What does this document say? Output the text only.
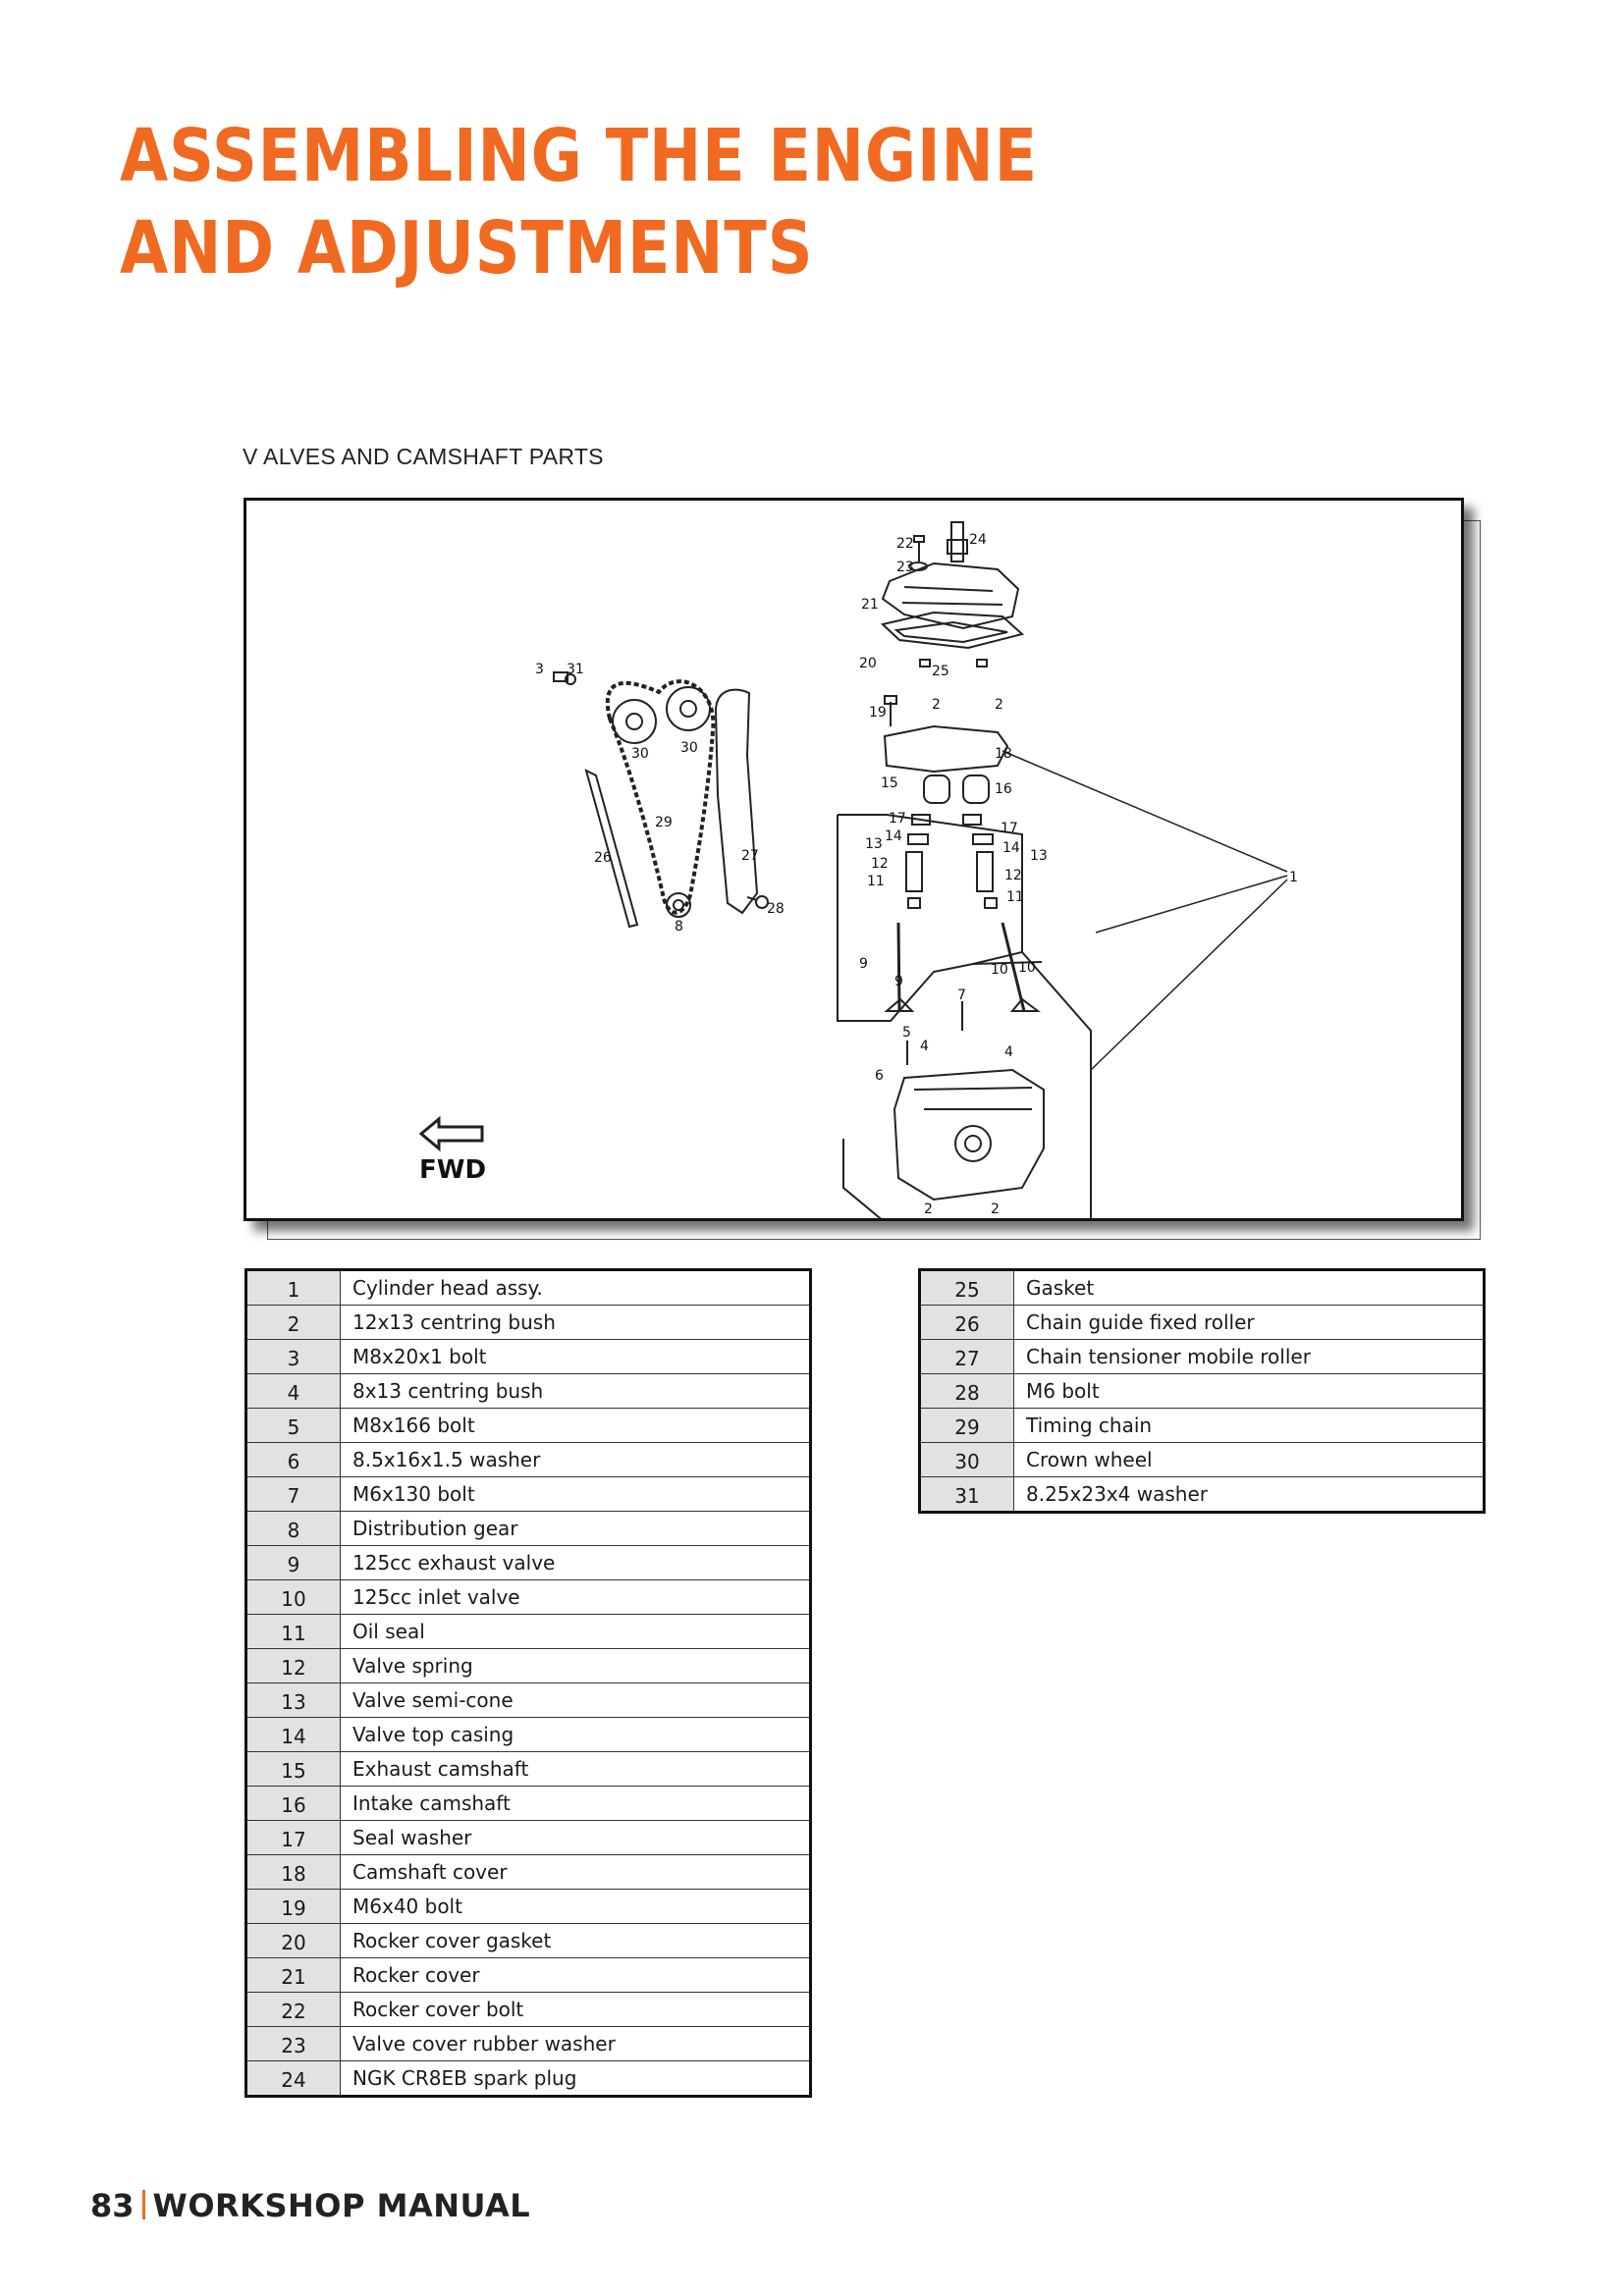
ASSEMBLING THE ENGINE
AND ADJUSTMENTS
V ALVES AND CAMSHAFT PARTS
24
22
23
21
20	25
2	2
19
18
15	16
17
17
14
14
13
13
12
12
11
11
9
9
10 10
7
5
4	4
6
2	2
3 31
30 30
29
26	27
28
8
1
FWD
1	Cylinder head assy.
2	12x13 centring bush
3	M8x20x1 bolt
4	8x13 centring bush
5	M8x166 bolt
6	8.5x16x1.5 washer
7	M6x130 bolt
8	Distribution gear
9	125cc exhaust valve
10	125cc inlet valve
11	Oil seal
12	Valve spring
13	Valve semi-cone
14	Valve top casing
15	Exhaust camshaft
16	Intake camshaft
17	Seal washer
18	Camshaft cover
19	M6x40 bolt
20	Rocker cover gasket
21	Rocker cover
22	Rocker cover bolt
23	Valve cover rubber washer
24	NGK CR8EB spark plug
25	Gasket
26	Chain guide fixed roller
27	Chain tensioner mobile roller
28	M6 bolt
29	Timing chain
30	Crown wheel
31	8.25x23x4 washer
83 WORKSHOP MANUAL
